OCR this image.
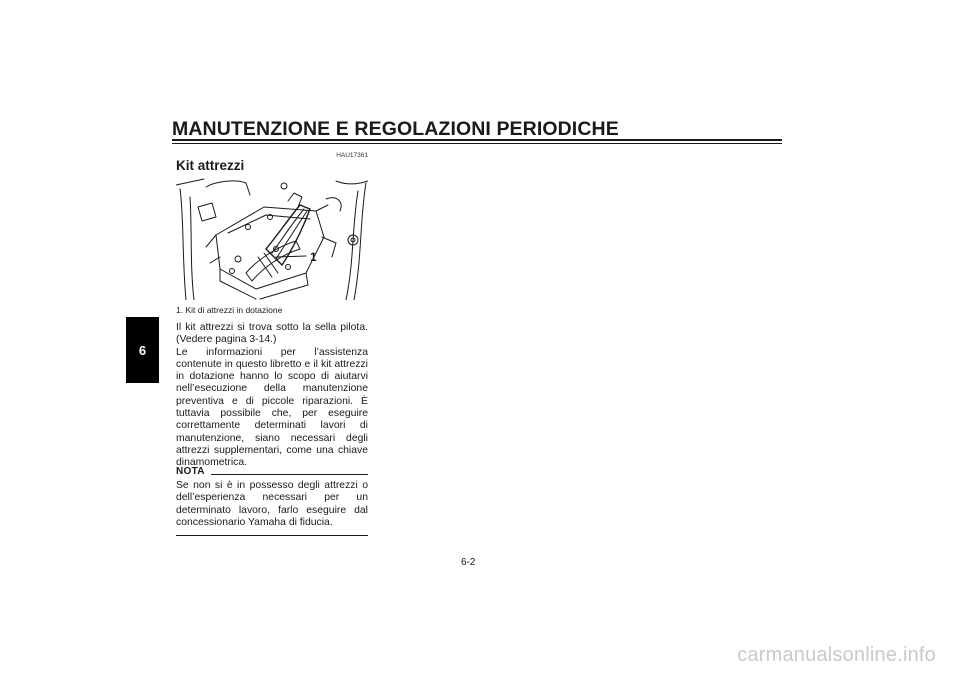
MANUTENZIONE E REGOLAZIONI PERIODICHE
6
HAU17361
Kit attrezzi
1
1. Kit di attrezzi in dotazione

Il kit attrezzi si trova sotto la sella pilota. (Vedere pagina 3-14.)

Le informazioni per l’assistenza contenute in questo libretto e il kit attrezzi in dotazione hanno lo scopo di aiutarvi nell’esecuzione della manutenzione preventiva e di piccole riparazioni. È tuttavia possibile che, per eseguire correttamente determinati lavori di manutenzione, siano necessari degli attrezzi supplementari, come una chiave dinamometrica.

NOTA
Se non si è in possesso degli attrezzi o dell’esperienza necessari per un determinato lavoro, farlo eseguire dal concessionario Yamaha di fiducia.
6-2
carmanualsonline.info
